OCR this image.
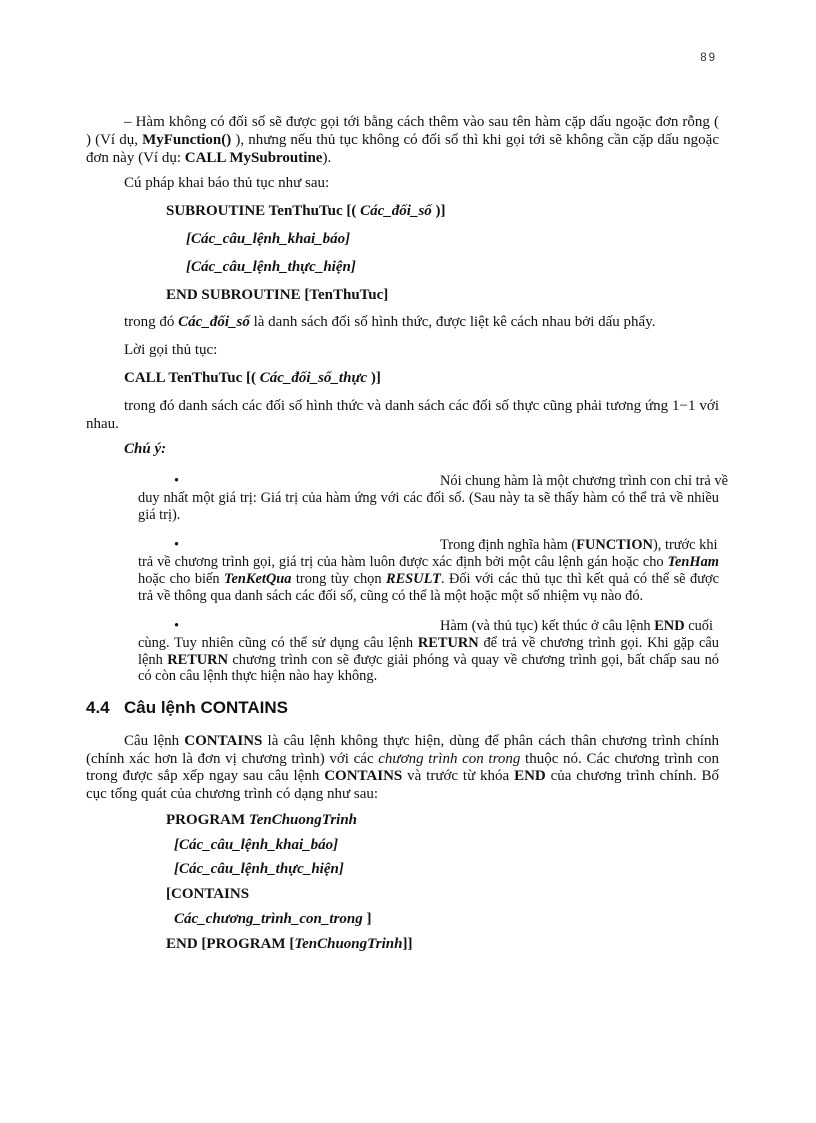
89

– Hàm không có đối số sẽ được gọi tới bằng cách thêm vào sau tên hàm cặp dấu ngoặc đơn rỗng ( ) (Ví dụ, MyFunction() ), nhưng nếu thủ tục không có đối số thì khi gọi tới sẽ không cần cặp dấu ngoặc đơn này (Ví dụ: CALL MySubroutine).

Cú pháp khai báo thủ tục như sau:

SUBROUTINE TenThuTuc [( Các_đối_số )]

[Các_câu_lệnh_khai_báo]

[Các_câu_lệnh_thực_hiện]

END SUBROUTINE [TenThuTuc]

trong đó Các_đối_số là danh sách đối số hình thức, được liệt kê cách nhau bởi dấu phẩy.

Lời gọi thủ tục:

CALL TenThuTuc [( Các_đối_số_thực )]

trong đó danh sách các đối số hình thức và danh sách các đối số thực cũng phải tương ứng 1−1 với nhau.

Chú ý:

•	Nói chung hàm là một chương trình con chỉ trả về
duy nhất một giá trị: Giá trị của hàm ứng với các đối số. (Sau này ta sẽ thấy hàm có thể trả về nhiều giá trị).
•	Trong định nghĩa hàm (FUNCTION), trước khi
trả về chương trình gọi, giá trị của hàm luôn được xác định bởi một câu lệnh gán hoặc cho TenHam hoặc cho biến TenKetQua trong tùy chọn RESULT. Đối với các thủ tục thì kết quả có thể sẽ được trả về thông qua danh sách các đối số, cũng có thể là một hoặc một số nhiệm vụ nào đó.
•	Hàm (và thủ tục) kết thúc ở câu lệnh END cuối
cùng. Tuy nhiên cũng có thể sử dụng câu lệnh RETURN để trả về chương trình gọi. Khi gặp câu lệnh RETURN chương trình con sẽ được giải phóng và quay về chương trình gọi, bất chấp sau nó có còn câu lệnh thực hiện nào hay không.
4.4 Câu lệnh CONTAINS

Câu lệnh CONTAINS là câu lệnh không thực hiện, dùng để phân cách thân chương trình chính (chính xác hơn là đơn vị chương trình) với các chương trình con trong thuộc nó. Các chương trình con trong được sắp xếp ngay sau câu lệnh CONTAINS và trước từ khóa END của chương trình chính. Bố cục tổng quát của chương trình có dạng như sau:

PROGRAM TenChuongTrinh

[Các_câu_lệnh_khai_báo]

[Các_câu_lệnh_thực_hiện]

[CONTAINS

Các_chương_trình_con_trong ]

END [PROGRAM [TenChuongTrinh]]
